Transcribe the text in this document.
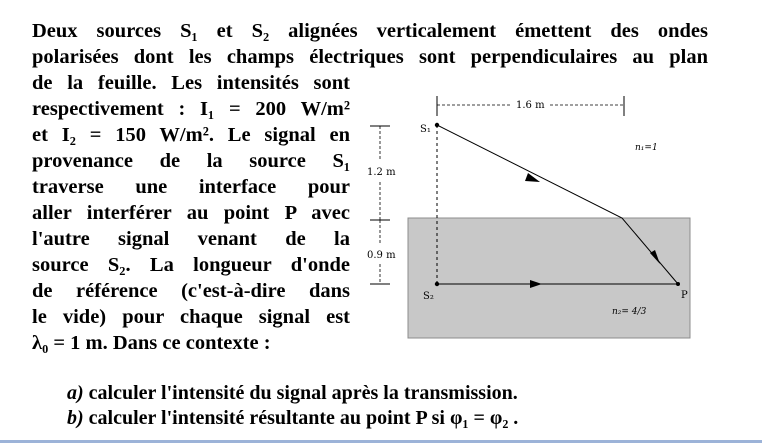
Deux sources S₁ et S₂ alignées verticalement émettent des ondes
polarisées dont les champs électriques sont perpendiculaires au plan
de la feuille. Les intensités sont
respectivement : I₁ = 200 W/m²
et I₂ = 150 W/m². Le signal en
provenance de la source S₁
traverse une interface pour
aller interférer au point P avec
l'autre signal venant de la
source S₂. La longueur d'onde
de référence (c'est-à-dire dans
le vide) pour chaque signal est
λ₀ = 1 m. Dans ce contexte :
1.6 m
1.2 m
0.9 m
S₁
S₂	P
n₁=1
n₂= 4/3
a) calculer l'intensité du signal après la transmission.
b) calculer l'intensité résultante au point P si φ₁ = φ₂ .
